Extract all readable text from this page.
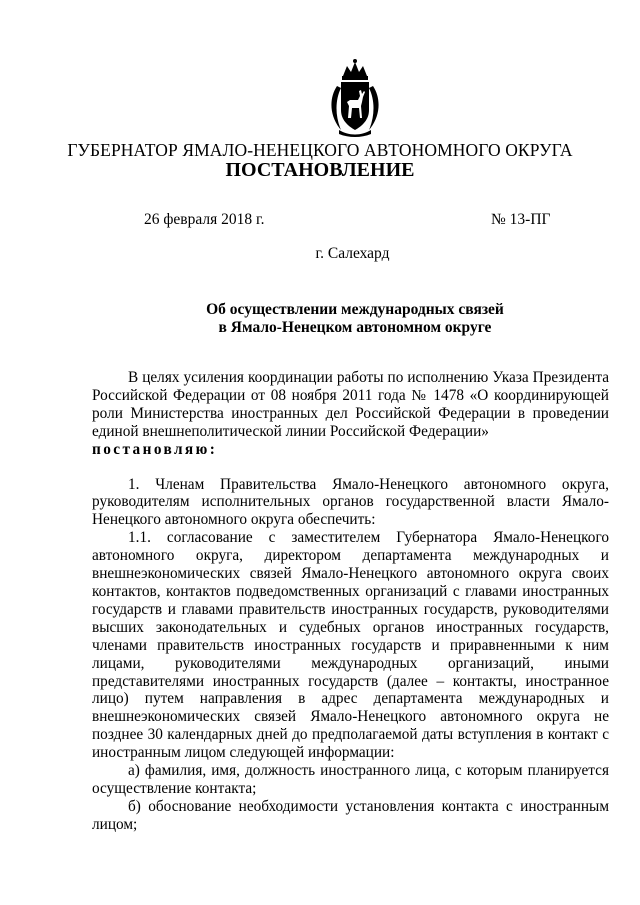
ГУБЕРНАТОР ЯМАЛО-НЕНЕЦКОГО АВТОНОМНОГО ОКРУГА
ПОСТАНОВЛЕНИЕ
26 февраля 2018 г.	№ 13-ПГ
г. Салехард
Об осуществлении международных связей
в Ямало-Ненецком автономном округе

В целях усиления координации работы по исполнению Указа Президента Российской Федерации от 08 ноября 2011 года № 1478 «О координирующей роли Министерства иностранных дел Российской Федерации в проведении единой внешнеполитической линии Российской Федерации»

постановляю:

1. Членам Правительства Ямало-Ненецкого автономного округа, руководителям исполнительных органов государственной власти Ямало-Ненецкого автономного округа обеспечить:

1.1. согласование с заместителем Губернатора Ямало-Ненецкого автономного округа, директором департамента международных и внешнеэкономических связей Ямало-Ненецкого автономного округа своих контактов, контактов подведомственных организаций с главами иностранных государств и главами правительств иностранных государств, руководителями высших законодательных и судебных органов иностранных государств, членами правительств иностранных государств и приравненными к ним лицами, руководителями международных организаций, иными представителями иностранных государств (далее – контакты, иностранное лицо) путем направления в адрес департамента международных и внешнеэкономических связей Ямало-Ненецкого автономного округа не позднее 30 календарных дней до предполагаемой даты вступления в контакт с иностранным лицом следующей информации:

а) фамилия, имя, должность иностранного лица, с которым планируется осуществление контакта;

б) обоснование необходимости установления контакта с иностранным лицом;
